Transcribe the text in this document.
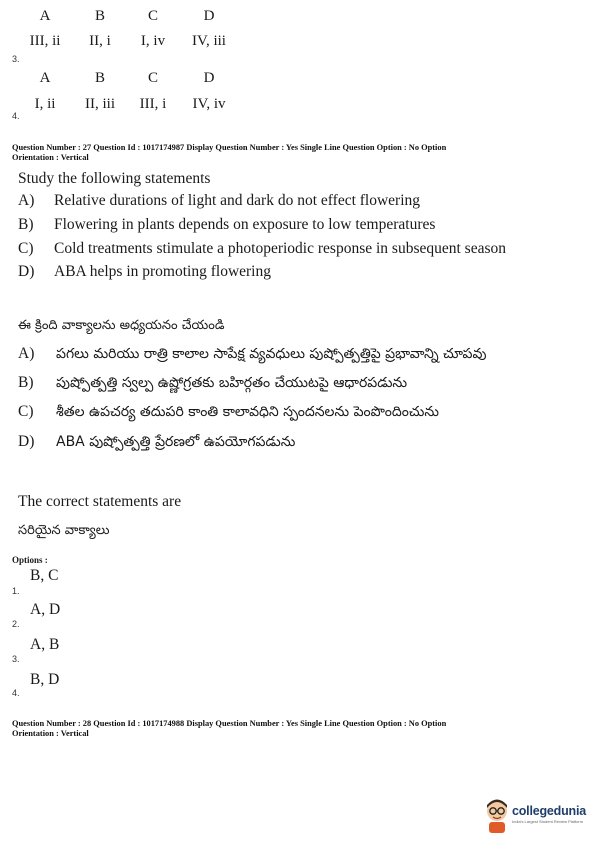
A	B	C	D
III, ii	II, i	I, iv	IV, iii
3.
A	B	C	D
I, ii	II, iii	III, i	IV, iv
4.
Question Number : 27 Question Id : 1017174987 Display Question Number : Yes Single Line Question Option : No Option
Orientation : Vertical
Study the following statements
A) Relative durations of light and dark do not effect flowering
B) Flowering in plants depends on exposure to low temperatures
C) Cold treatments stimulate a photoperiodic response in subsequent season
D) ABA helps in promoting flowering
ఈ క్రింది వాక్యాలను అధ్యయనం చేయండి
A) పగలు మరియు రాత్రి కాలాల సాపేక్ష వ్యవధులు పుష్పోత్పత్తిపై ప్రభావాన్ని చూపవు
B) పుష్పోత్పత్తి స్వల్ప ఉష్ణోగ్రతకు బహిర్గతం చేయుటపై ఆధారపడును
C) శీతల ఉపచర్య తదుపరి కాంతి కాలావధిని స్పందనలను పెంపొందించును
D) ABA పుష్పోత్పత్తి ప్రేరణలో ఉపయోగపడును
The correct statements are
సరియైన వాక్యాలు
Options :
B, C
1.
A, D
2.
A, B
3.
B, D
4.
Question Number : 28 Question Id : 1017174988 Display Question Number : Yes Single Line Question Option : No Option
Orientation : Vertical
collegedunia
India's Largest Student Review Platform
